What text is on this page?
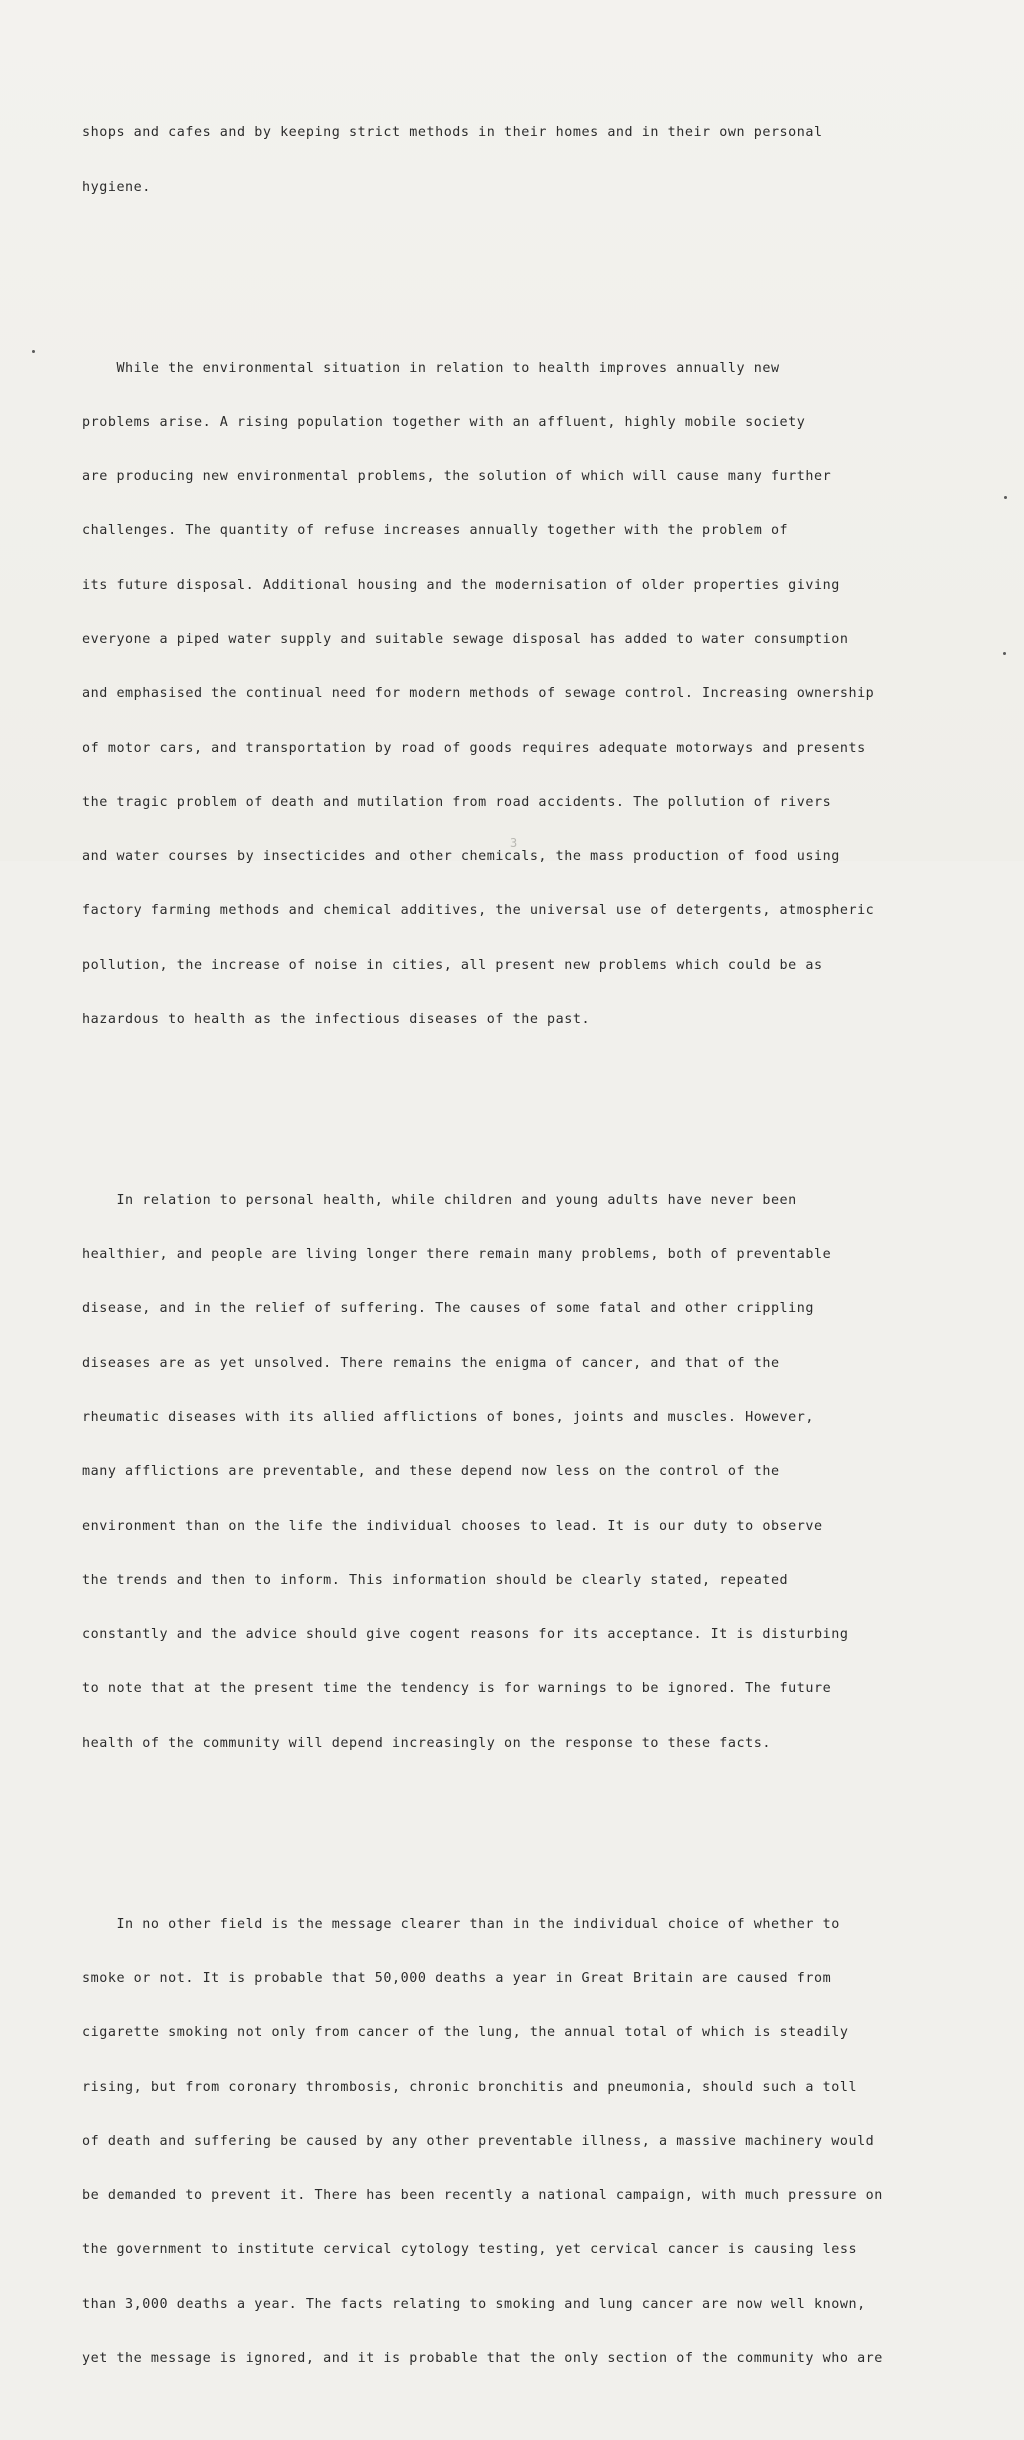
shops and cafes and by keeping strict methods in their homes and in their own personal

hygiene.

While the environmental situation in relation to health improves annually new

problems arise. A rising population together with an affluent, highly mobile society

are producing new environmental problems, the solution of which will cause many further

challenges. The quantity of refuse increases annually together with the problem of

its future disposal. Additional housing and the modernisation of older properties giving

everyone a piped water supply and suitable sewage disposal has added to water consumption

and emphasised the continual need for modern methods of sewage control. Increasing ownership

of motor cars, and transportation by road of goods requires adequate motorways and presents

the tragic problem of death and mutilation from road accidents. The pollution of rivers

and water courses by insecticides and other chemicals, the mass production of food using

factory farming methods and chemical additives, the universal use of detergents, atmospheric

pollution, the increase of noise in cities, all present new problems which could be as

hazardous to health as the infectious diseases of the past.

In relation to personal health, while children and young adults have never been

healthier, and people are living longer there remain many problems, both of preventable

disease, and in the relief of suffering. The causes of some fatal and other crippling

diseases are as yet unsolved. There remains the enigma of cancer, and that of the

rheumatic diseases with its allied afflictions of bones, joints and muscles. However,

many afflictions are preventable, and these depend now less on the control of the

environment than on the life the individual chooses to lead. It is our duty to observe

the trends and then to inform. This information should be clearly stated, repeated

constantly and the advice should give cogent reasons for its acceptance. It is disturbing

to note that at the present time the tendency is for warnings to be ignored. The future

health of the community will depend increasingly on the response to these facts.

In no other field is the message clearer than in the individual choice of whether to

smoke or not. It is probable that 50,000 deaths a year in Great Britain are caused from

cigarette smoking not only from cancer of the lung, the annual total of which is steadily

rising, but from coronary thrombosis, chronic bronchitis and pneumonia, should such a toll

of death and suffering be caused by any other preventable illness, a massive machinery would

be demanded to prevent it. There has been recently a national campaign, with much pressure on

the government to institute cervical cytology testing, yet cervical cancer is causing less

than 3,000 deaths a year. The facts relating to smoking and lung cancer are now well known,

yet the message is ignored, and it is probable that the only section of the community who are

3
